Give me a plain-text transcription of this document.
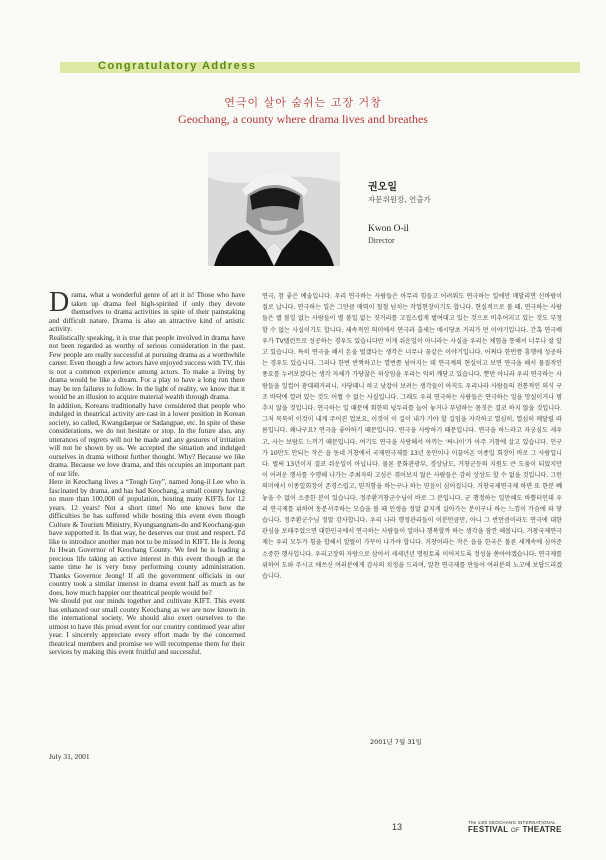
Congratulatory Address
연극이 살아 숨쉬는 고장 거창
Geochang, a county where drama lives and breathes
권오일
자문위원장, 연출가
Kwon O-il
Director

Drama, what a wonderful genre of art it is! Those who have taken up drama feel high-spirited if only they devote themselves to drama activities in spite of their painstaking and difficult nature. Drama is also an attractive kind of artistic activity.

Realistically speaking, it is true that people involved in drama have not been regarded as worthy of serious consideration in the past. Few people are really successful at pursuing drama as a worthwhile career. Even though a few actors have enjoyed success with TV, this is not a common experience among actors. To make a living by drama would be like a dream. For a play to have a long run there may be ten failures to follow. In the light of reality, we know that it would be an illusion to acquire material wealth through drama.

In addition, Koreans traditionally have considered that people who indulged in theatrical activity are cast in a lower position in Korean society, so called, Kwangdaepae or Sadangpae, etc. In spite of these considerations, we do not hesitate or stop. In the future also, any utterances of regrets will not be made and any gestures of irritation will not be shown by us. We accepted the situation and indulged ourselves in drama without further thought. Why? Because we like drama. Because we love drama, and this occupies an important part of our life.

Here in Keochang lives a “Tough Guy”, named Jong-il Lee who is fascinated by drama, and has had Keochang, a small county having no more than 100,000 of population, hosting many KIFTs for 12 years. 12 years! Not a short time! No one knows how the difficulties he has suffered while hosting this event even though Culture & Tourism Ministry, Kyungsangnam-do and Keochang-gun have supported it. In that way, he deserves our trust and respect. I'd like to introduce another man not to be missed in KIFT. He is Jeong Ju Hwan Governor of Keochang County. We feel he is leading a precious life taking an active interest in this event though at the same time he is very busy performing county administration. Thanks Governor Jeong! If all the government officials in our country took a similar interest in drama event half as much as he does, how much happier our theatrical people would be?

We should put our minds together and cultivate KIFT. This event has enhanced our small county Keochang as we are now known in the international society. We should also exert ourselves to the utmost to have this proud event for our country continued year after year. I sincerely appreciate every effort made by the concerned theatrical members and promise we will recompense them for their services by making this event fruitful and successful.

July 31, 2001
연극, 참 좋은 예술입니다. 우리 연극하는 사람들은 아무리 힘들고 어려워도 연극하는 일에만 매달리면 신바람이 절로 납니다. 연극하는 일은 그만큼 매력이 철철 넘치는 작업현장이기도 합니다. 현실적으로 볼 때, 연극하는 사람들은 별 볼일 없는 사람들이 별 볼일 없는 짓거리를 고집스럽게 벌여대고 있는 것으로 비추어지고 있는 것도 부정할 수 없는 사실이기도 합니다. 세속적인 의미에서 연극과 출세는 애시당초 거리가 먼 이야기입니다. 간혹 연극배우가 TV탤런트로 성공하는 경우도 있습니다만 이게 쉬운일이 아니라는 사실을 우리는 체험을 통해서 너무나 잘 알고 있습니다. 특히 연극을 해서 돈을 벌겠다는 생각은 너무나 꿈같은 이야기입니다. 어쩌다 한번쯤 흥행에 성공하는 경우도 있습니다. 그러나 한번 반짝하고는 열번쯤 넘어지는 데 연극계의 현실이고 보면 연극을 해서 물질적인 풍요를 누려보겠다는 생각 자체가 가당찮은 허상임을 우리는 익히 깨닫고 있습니다. 뿐만 아니라 우리 연극하는 사람들을 일컬어 광대패거리니, 사당패니 하고 낮잡아 보려는 생각들이 아직도 우리나라 사람들의 전통적인 의식 구조 바닥에 깔려 있는 것도 어쩔 수 없는 사실입니다. 그래도 우리 연극하는 사람들은 연극하는 일을 망설이거나 멈추지 않을 것입니다. 연극하는 일 때문에 회한의 넋두리를 늘어 놓거나 푸념하는 몸짓은 결코 하지 않을 것입니다. 그저 묵묵히 이것이 내게 주어진 업보요, 이것이 이 길이 내가 가야 할 길임을 자각하고 열심히, 열심히 매달릴 따름입니다. 왜냐구요? 연극을 좋아하기 때문입니다. 연극을 사랑하기 때문입니다. 연극을 하느라고 자궁심도 세우고, 사는 보람도 느끼기 때문입니다. 여기도 연극을 사랑해서 아끼는 '싸나이'가 아주 거창에 살고 있습니다. 인구가 10만도 안되는 작은 읍 동네 거창에서 국제연극제를 13년 동안이나 이끌어온 이종일 회장이 바로 그 사람입니다. 벌써 13년이지 결코 쉬운일이 아닙니다. 물론 문화관광부, 경상남도, 거창군등의 지원도 큰 도움이 되었지만 이 어려운 행사를 수행해 나가는 주최자의 고심은 겪어보지 않은 사람들은 감히 상상도 할 수 없을 것입니다. 그런 의미에서 이종일회장이 존경스럽고, 믿직함을 하는구나 하는 믿음이 심어집니다. 거창국제연극제 하면 또 한분 빼 놓을 수 없이 소중한 분이 있습니다. 정주환거창군수님이 바로 그 분입니다. 군 행정하는 일만해도 바쁠터인데 우리 연극제를 위하여 동분서주하는 모습을 볼 때 인생을 정말 값지게 살아가는 분이구나 하는 느낌이 가슴에 와 닿습니다. 정주환군수님 정말 감사합니다. 우리 나라 행정관리들이 이분만큼만, 아니 그 반만큼이라도 연극에 대한 관심을 보태주었으면 대한민국에서 연극하는 사람들이 얼마나 행복할까 하는 생각을 잠깐 해봅니다. 거창국제연극제는 우리 모두가 힘을 합해서 알뜰이 가꾸어 나가야 합니다. 거창이라는 작은 읍을 한국은 물론 세계속에 심어준 소중한 행사입니다. 우리고장의 자랑으로 삼아서 세세년년 명원토록 이어지도록 정성을 쏟아야겠습니다. 연극제를 위하여 도와 주시고 애쓰신 여러분에게 감사의 치정을 드리며, 알찬 연극제를 만들어 여러분의 노고에 보답드리겠습니다.
2001년 7월 31일
13	The 13th KEOCHANG INTERNATIONAL
FESTIVAL OF THEATRE
